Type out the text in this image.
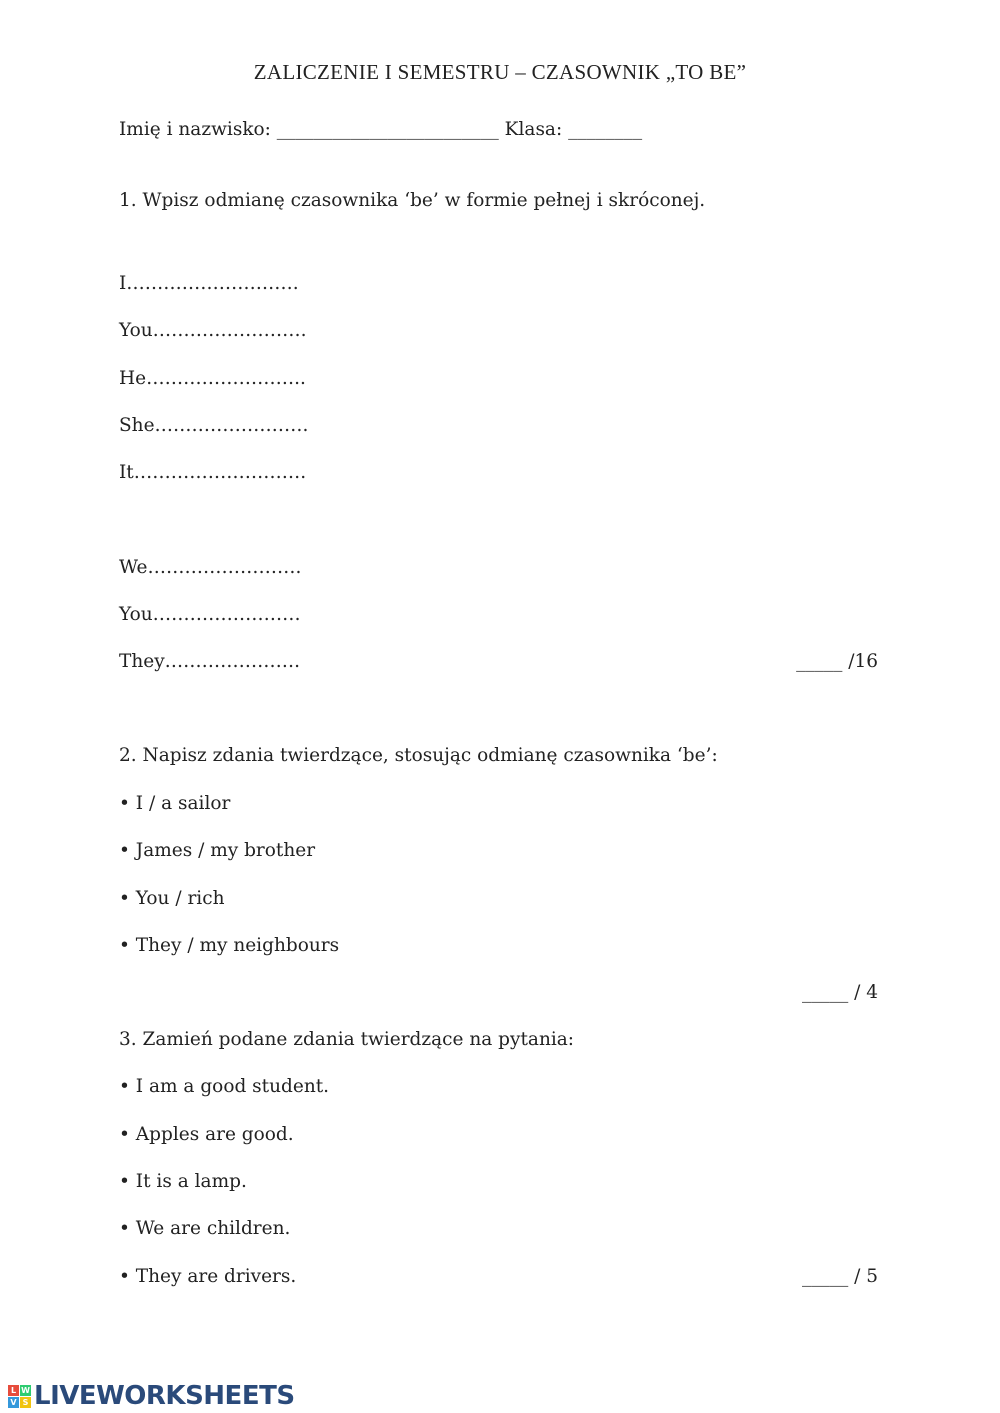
ZALICZENIE I SEMESTRU – CZASOWNIK „TO BE”
Imię i nazwisko: ________________________ Klasa: ________
1. Wpisz odmianę czasownika ‘be’ w formie pełnej i skróconej.
I……………………….
You…………………….
He……………………..
She…………………….
It……………………….
We…………………….
You……………………
They………………….	_____ /16
2. Napisz zdania twierdzące, stosując odmianę czasownika ‘be’:
• I / a sailor
• James / my brother
• You / rich
• They / my neighbours
_____ / 4
3. Zamień podane zdania twierdzące na pytania:
• I am a good student.
• Apples are good.
• It is a lamp.
• We are children.
• They are drivers.	_____ / 5
L W
V S LIVEWORKSHEETS
